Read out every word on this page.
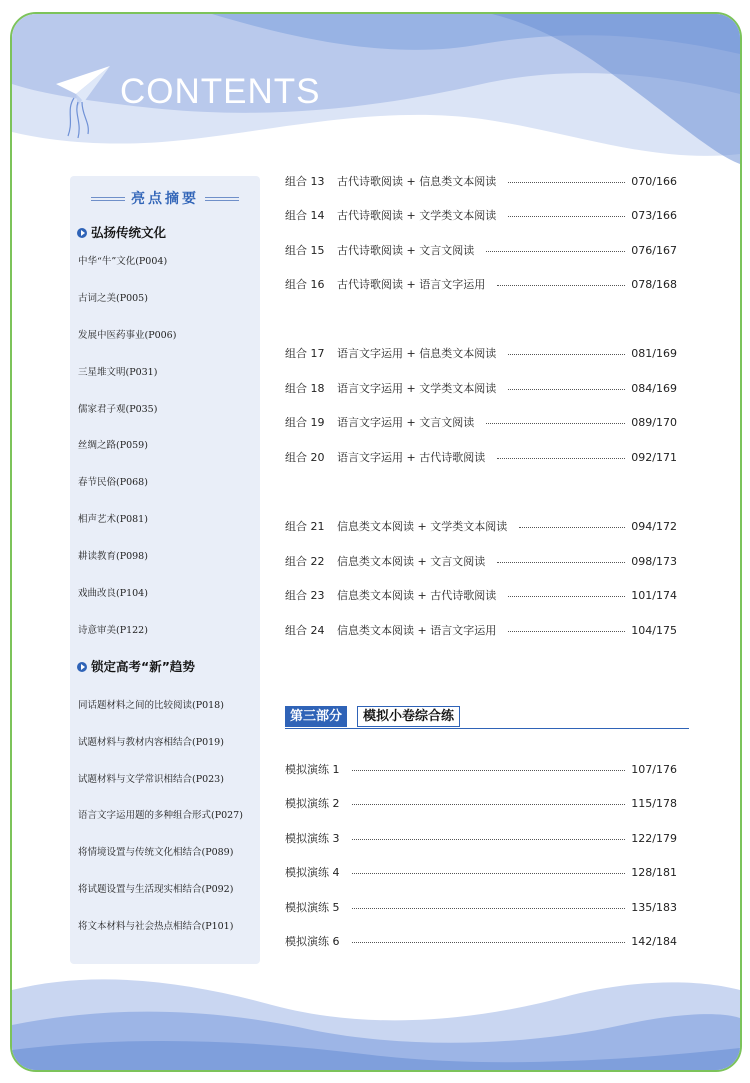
CONTENTS
亮点摘要
弘扬传统文化
中华“牛”文化(P004)
古词之美(P005)
发展中医药事业(P006)
三星堆文明(P031)
儒家君子观(P035)
丝绸之路(P059)
春节民俗(P068)
相声艺术(P081)
耕读教育(P098)
戏曲改良(P104)
诗意审美(P122)
锁定高考“新”趋势
同话题材料之间的比较阅读(P018)
试题材料与教材内容相结合(P019)
试题材料与文学常识相结合(P023)
语言文字运用题的多种组合形式(P027)
将情境设置与传统文化相结合(P089)
将试题设置与生活现实相结合(P092)
将文本材料与社会热点相结合(P101)
组合 13	古代诗歌阅读 + 信息类文本阅读	070/166
组合 14	古代诗歌阅读 + 文学类文本阅读	073/166
组合 15	古代诗歌阅读 + 文言文阅读	076/167
组合 16	古代诗歌阅读 + 语言文字运用	078/168
组合 17	语言文字运用 + 信息类文本阅读	081/169
组合 18	语言文字运用 + 文学类文本阅读	084/169
组合 19	语言文字运用 + 文言文阅读	089/170
组合 20	语言文字运用 + 古代诗歌阅读	092/171
组合 21	信息类文本阅读 + 文学类文本阅读	094/172
组合 22	信息类文本阅读 + 文言文阅读	098/173
组合 23	信息类文本阅读 + 古代诗歌阅读	101/174
组合 24	信息类文本阅读 + 语言文字运用	104/175
第三部分	模拟小卷综合练
模拟演练 1	107/176
模拟演练 2	115/178
模拟演练 3	122/179
模拟演练 4	128/181
模拟演练 5	135/183
模拟演练 6	142/184
